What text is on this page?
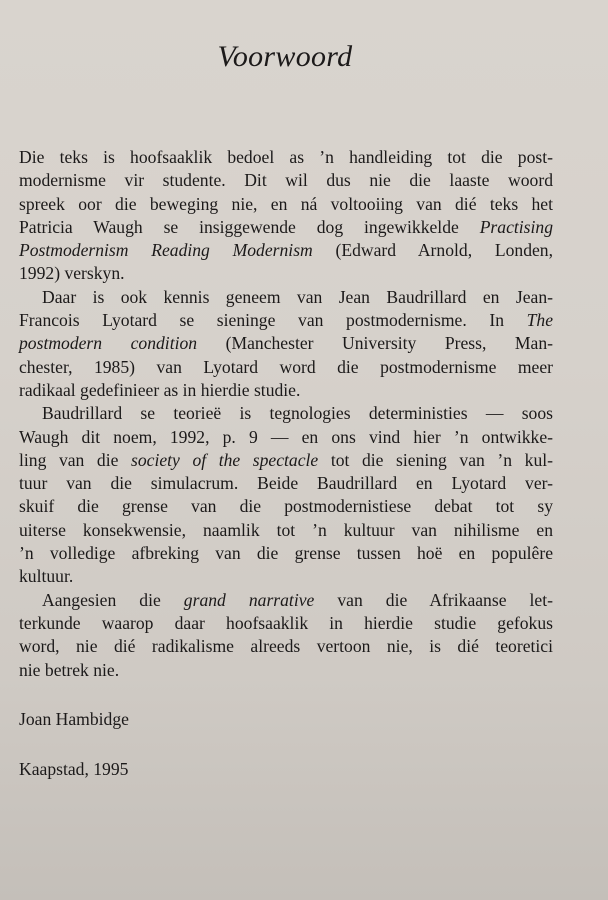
Voorwoord
Die teks is hoofsaaklik bedoel as ’n handleiding tot die post-
modernisme vir studente. Dit wil dus nie die laaste woord
spreek oor die beweging nie, en ná voltooiing van dié teks het
Patricia Waugh se insiggewende dog ingewikkelde Practising
Postmodernism Reading Modernism (Edward Arnold, Londen,
1992) verskyn.
Daar is ook kennis geneem van Jean Baudrillard en Jean-
Francois Lyotard se sieninge van postmodernisme. In The
postmodern condition (Manchester University Press, Man-
chester, 1985) van Lyotard word die postmodernisme meer
radikaal gedefinieer as in hierdie studie.
Baudrillard se teorieë is tegnologies deterministies — soos
Waugh dit noem, 1992, p. 9 — en ons vind hier ’n ontwikke-
ling van die society of the spectacle tot die siening van ’n kul-
tuur van die simulacrum. Beide Baudrillard en Lyotard ver-
skuif die grense van die postmodernistiese debat tot sy
uiterse konsekwensie, naamlik tot ’n kultuur van nihilisme en
’n volledige afbreking van die grense tussen hoë en populêre
kultuur.
Aangesien die grand narrative van die Afrikaanse let-
terkunde waarop daar hoofsaaklik in hierdie studie gefokus
word, nie dié radikalisme alreeds vertoon nie, is dié teoretici
nie betrek nie.
Joan Hambidge
Kaapstad, 1995
